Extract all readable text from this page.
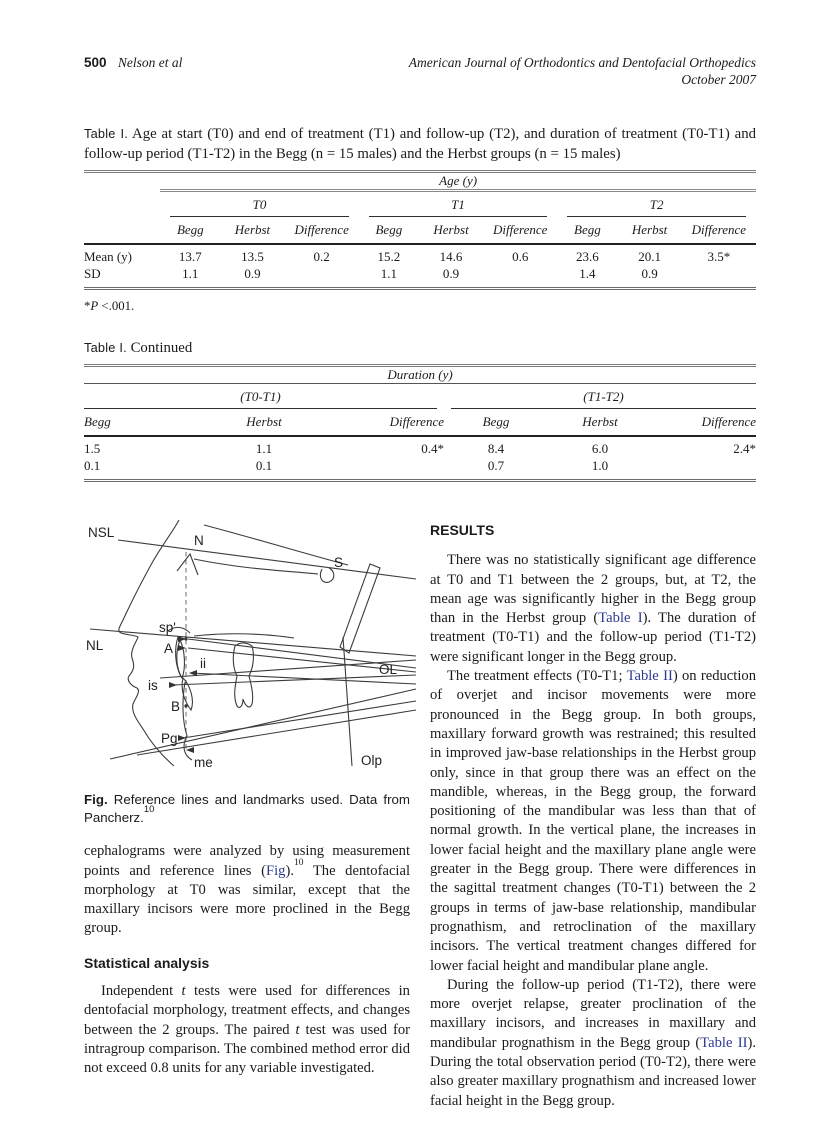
500 Nelson et al	American Journal of Orthodontics and Dentofacial Orthopedics
October 2007
Table I. Age at start (T0) and end of treatment (T1) and follow-up (T2), and duration of treatment (T0-T1) and follow-up period (T1-T2) in the Begg (n = 15 males) and the Herbst groups (n = 15 males)
	Age (y)								

	T0			T1			T2		

	Begg	Herbst	Difference	Begg	Herbst	Difference	Begg	Herbst	Difference
Mean (y)	13.7	13.5	0.2	15.2	14.6	0.6	23.6	20.1	3.5*
SD	1.1	0.9		1.1	0.9		1.4	0.9	
*P <.001.
Table I. Continued
Duration (y)					

(T0-T1)			(T1-T2)		

Begg	Herbst	Difference	Begg	Herbst	Difference
1.5	1.1	0.4*	8.4	6.0	2.4*
0.1	0.1		0.7	1.0	
NSL
N
S
sp'
NL	A
ii
is
OL
B
Pg
me	Olp
Fig. Reference lines and landmarks used. Data from Pancherz.$^{10}$

cephalograms were analyzed by using measurement points and reference lines (Fig).$^{10}$ The dentofacial morphology at T0 was similar, except that the maxillary incisors were more proclined in the Begg group.

Statistical analysis

Independent t tests were used for differences in dentofacial morphology, treatment effects, and changes between the 2 groups. The paired t test was used for intragroup comparison. The combined method error did not exceed 0.8 units for any variable investigated.

RESULTS

There was no statistically significant age difference at T0 and T1 between the 2 groups, but, at T2, the mean age was significantly higher in the Begg group than in the Herbst group (Table I). The duration of treatment (T0-T1) and the follow-up period (T1-T2) were significant longer in the Begg group.

The treatment effects (T0-T1; Table II) on reduction of overjet and incisor movements were more pronounced in the Begg group. In both groups, maxillary forward growth was restrained; this resulted in improved jaw-base relationships in the Herbst group only, since in that group there was an effect on the mandible, whereas, in the Begg group, the forward positioning of the mandibular was less than that of normal growth. In the vertical plane, the increases in lower facial height and the maxillary plane angle were greater in the Begg group. There were differences in the sagittal treatment changes (T0-T1) between the 2 groups in terms of jaw-base relationship, mandibular prognathism, and retroclination of the maxillary incisors. The vertical treatment changes differed for lower facial height and mandibular plane angle.

During the follow-up period (T1-T2), there were more overjet relapse, greater proclination of the maxillary incisors, and increases in maxillary and mandibular prognathism in the Begg group (Table II). During the total observation period (T0-T2), there were also greater maxillary prognathism and increased lower facial height in the Begg group.
